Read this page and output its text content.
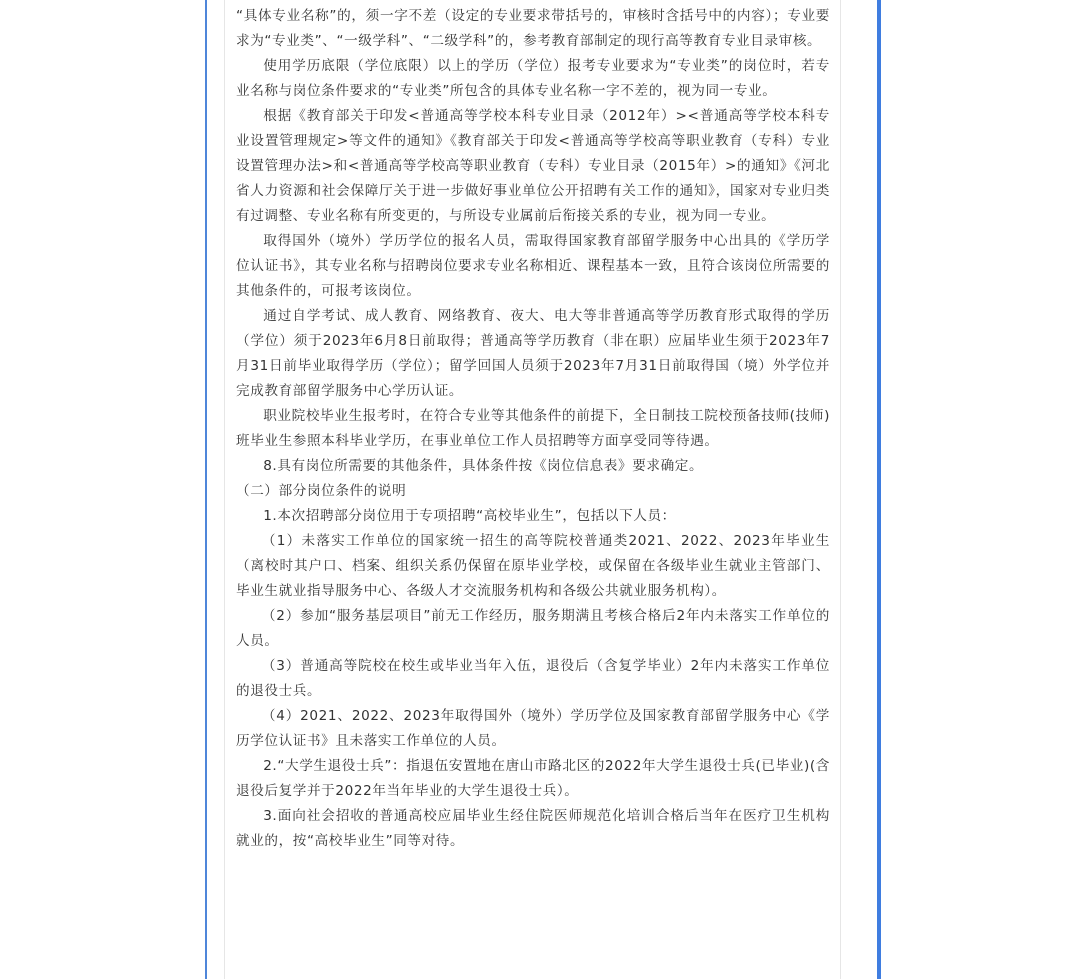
“具体专业名称”的，须一字不差（设定的专业要求带括号的，审核时含括号中的内容）；专业要求为“专业类”、“一级学科”、“二级学科”的，参考教育部制定的现行高等教育专业目录审核。

使用学历底限（学位底限）以上的学历（学位）报考专业要求为“专业类”的岗位时，若专业名称与岗位条件要求的“专业类”所包含的具体专业名称一字不差的，视为同一专业。

根据《教育部关于印发<普通高等学校本科专业目录（2012年）><普通高等学校本科专业设置管理规定>等文件的通知》《教育部关于印发<普通高等学校高等职业教育（专科）专业设置管理办法>和<普通高等学校高等职业教育（专科）专业目录（2015年）>的通知》《河北省人力资源和社会保障厅关于进一步做好事业单位公开招聘有关工作的通知》，国家对专业归类有过调整、专业名称有所变更的，与所设专业属前后衔接关系的专业，视为同一专业。

取得国外（境外）学历学位的报名人员，需取得国家教育部留学服务中心出具的《学历学位认证书》，其专业名称与招聘岗位要求专业名称相近、课程基本一致，且符合该岗位所需要的其他条件的，可报考该岗位。

通过自学考试、成人教育、网络教育、夜大、电大等非普通高等学历教育形式取得的学历（学位）须于2023年6月8日前取得；普通高等学历教育（非在职）应届毕业生须于2023年7月31日前毕业取得学历（学位）；留学回国人员须于2023年7月31日前取得国（境）外学位并完成教育部留学服务中心学历认证。

职业院校毕业生报考时，在符合专业等其他条件的前提下，全日制技工院校预备技师(技师)班毕业生参照本科毕业学历，在事业单位工作人员招聘等方面享受同等待遇。

8.具有岗位所需要的其他条件，具体条件按《岗位信息表》要求确定。

（二）部分岗位条件的说明

1.本次招聘部分岗位用于专项招聘“高校毕业生”，包括以下人员：

（1）未落实工作单位的国家统一招生的高等院校普通类2021、2022、2023年毕业生（离校时其户口、档案、组织关系仍保留在原毕业学校，或保留在各级毕业生就业主管部门、毕业生就业指导服务中心、各级人才交流服务机构和各级公共就业服务机构）。

（2）参加“服务基层项目”前无工作经历，服务期满且考核合格后2年内未落实工作单位的人员。

（3）普通高等院校在校生或毕业当年入伍，退役后（含复学毕业）2年内未落实工作单位的退役士兵。

（4）2021、2022、2023年取得国外（境外）学历学位及国家教育部留学服务中心《学历学位认证书》且未落实工作单位的人员。

2.“大学生退役士兵”：指退伍安置地在唐山市路北区的2022年大学生退役士兵(已毕业)(含退役后复学并于2022年当年毕业的大学生退役士兵）。

3.面向社会招收的普通高校应届毕业生经住院医师规范化培训合格后当年在医疗卫生机构就业的，按“高校毕业生”同等对待。
